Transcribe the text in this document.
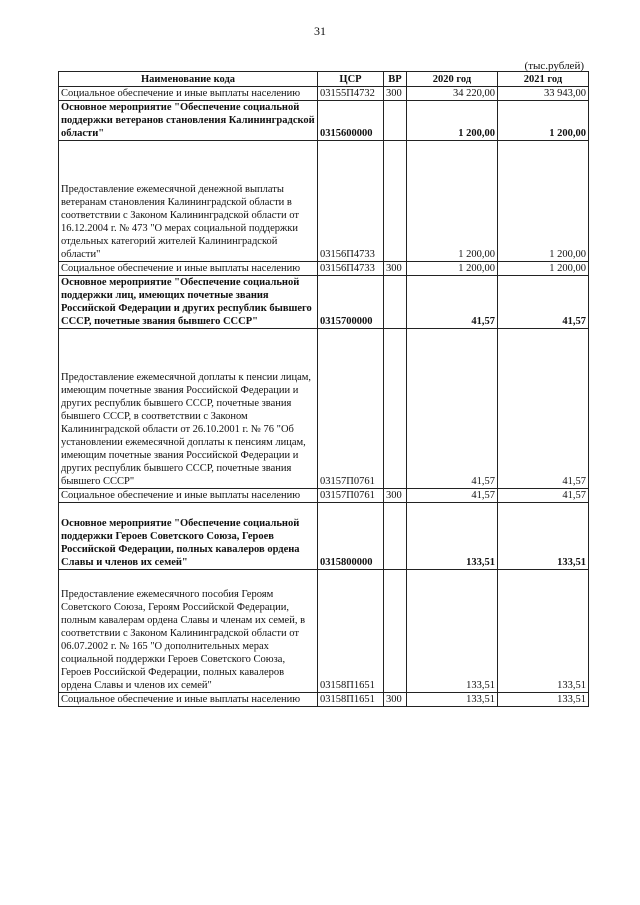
31
(тыс.рублей)
Наименование кода	ЦСР	ВР	2020 год	2021 год
Социальное обеспечение и иные выплаты населению	03155П4732	300	34 220,00	33 943,00
Основное мероприятие "Обеспечение социальной поддержки ветеранов становления Калининградской области"	0315600000		1 200,00	1 200,00
Предоставление ежемесячной денежной выплаты ветеранам становления Калининградской области в соответствии с Законом Калининградской области от 16.12.2004 г. № 473 "О мерах социальной поддержки отдельных категорий жителей Калининградской области"	03156П4733		1 200,00	1 200,00
Социальное обеспечение и иные выплаты населению	03156П4733	300	1 200,00	1 200,00
Основное мероприятие "Обеспечение социальной поддержки лиц, имеющих почетные звания Российской Федерации и других республик бывшего СССР, почетные звания бывшего СССР"	0315700000		41,57	41,57
Предоставление ежемесячной доплаты к пенсии лицам, имеющим почетные звания Российской Федерации и других республик бывшего СССР, почетные звания бывшего СССР, в соответствии с Законом Калининградской области от 26.10.2001 г. № 76 "Об установлении ежемесячной доплаты к пенсиям лицам, имеющим почетные звания Российской Федерации и других республик бывшего СССР, почетные звания бывшего СССР"	03157П0761		41,57	41,57
Социальное обеспечение и иные выплаты населению	03157П0761	300	41,57	41,57
Основное мероприятие "Обеспечение социальной поддержки Героев Советского Союза, Героев Российской Федерации, полных кавалеров ордена Славы и членов их семей"	0315800000		133,51	133,51
Предоставление ежемесячного пособия Героям Советского Союза, Героям Российской Федерации, полным кавалерам ордена Славы и членам их семей, в соответствии с Законом Калининградской области от 06.07.2002 г. № 165 "О дополнительных мерах социальной поддержки Героев Советского Союза, Героев Российской Федерации, полных кавалеров ордена Славы и членов их семей"	03158П1651		133,51	133,51
Социальное обеспечение и иные выплаты населению	03158П1651	300	133,51	133,51
